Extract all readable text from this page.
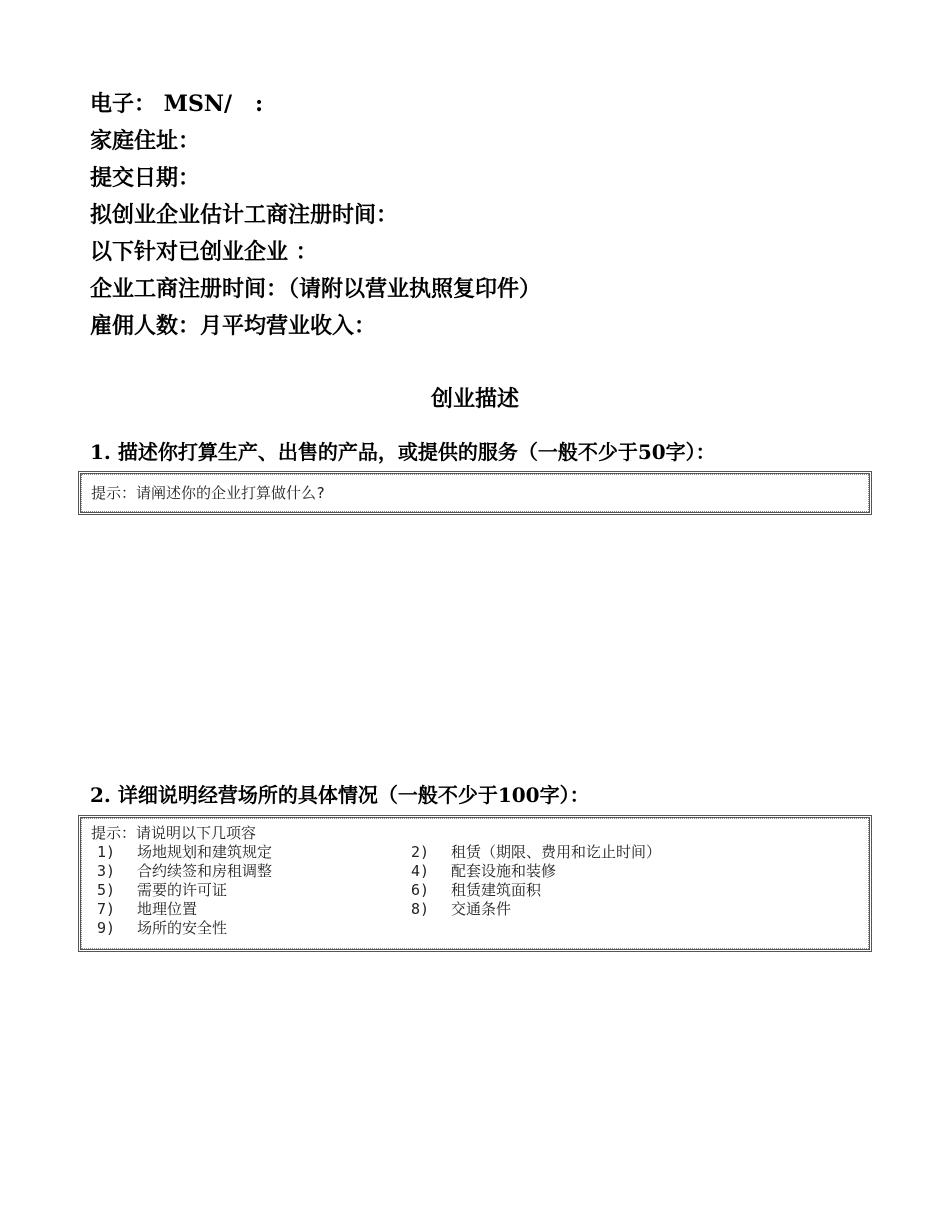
电子： MSN/   :
家庭住址：
提交日期：
拟创业企业估计工商注册时间：
以下针对已创业企业 ：
企业工商注册时间：（请附以营业执照复印件）
雇佣人数：月平均营业收入：
创业描述
1. 描述你打算生产、出售的产品，或提供的服务（一般不少于50字）：
提示：请阐述你的企业打算做什么?
2. 详细说明经营场所的具体情况（一般不少于100字）：
提示：请说明以下几项容
1)	场地规划和建筑规定	2)	租赁（期限、费用和讫止时间）
3)	合约续签和房租调整	4)	配套设施和装修
5)	需要的许可证	6)	租赁建筑面积
7)	地理位置	8)	交通条件
9)	场所的安全性
